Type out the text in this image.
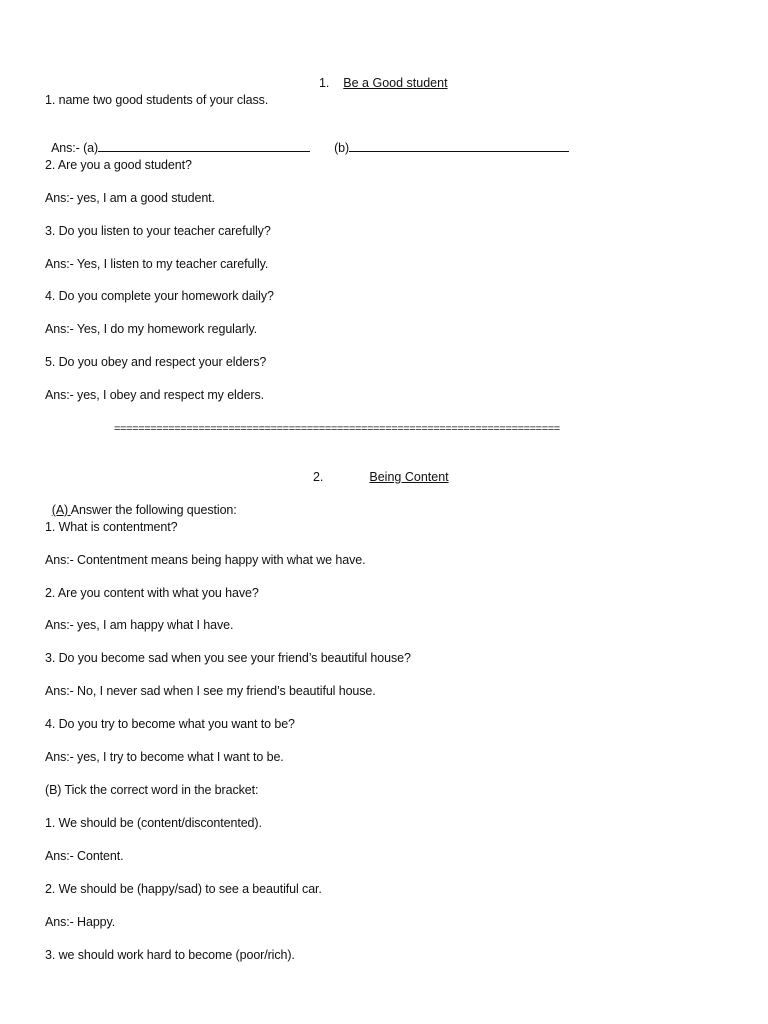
1. Be a Good student

1. name two good students of your class.

Ans:- (a)	(b)

2. Are you a good student?
Ans:- yes, I am a good student.
3. Do you listen to your teacher carefully?
Ans:- Yes, I listen to my teacher carefully.
4. Do you complete your homework daily?
Ans:- Yes, I do my homework regularly.
5. Do you obey and respect your elders?
Ans:- yes, I obey and respect my elders.
==========================================================================

2.	Being Content

(A) Answer the following question:

1. What is contentment?
Ans:- Contentment means being happy with what we have.
2. Are you content with what you have?
Ans:- yes, I am happy what I have.
3. Do you become sad when you see your friend’s beautiful house?
Ans:- No, I never sad when I see my friend’s beautiful house.
4. Do you try to become what you want to be?
Ans:- yes, I try to become what I want to be.
(B) Tick the correct word in the bracket:
1. We should be (content/discontented).
Ans:- Content.
2. We should be (happy/sad) to see a beautiful car.
Ans:- Happy.
3. we should work hard to become (poor/rich).
